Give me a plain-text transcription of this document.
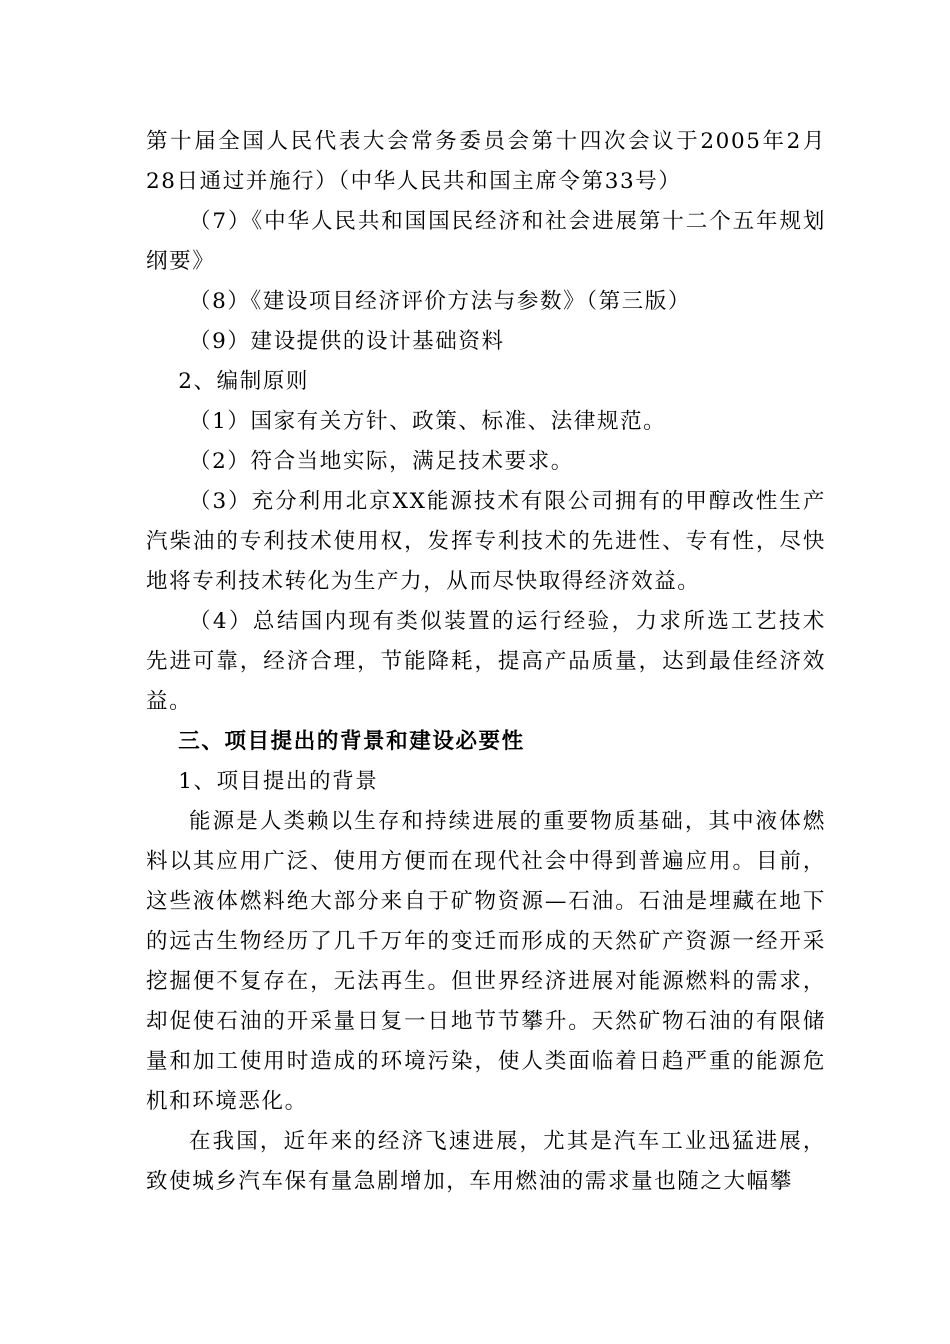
第十届全国人民代表大会常务委员会第十四次会议于2005年2月28日通过并施行）（中华人民共和国主席令第33号）

（7）《中华人民共和国国民经济和社会进展第十二个五年规划纲要》

（8）《建设项目经济评价方法与参数》（第三版）

（9）建设提供的设计基础资料

2、编制原则

（1）国家有关方针、政策、标准、法律规范。

（2）符合当地实际，满足技术要求。

（3）充分利用北京XX能源技术有限公司拥有的甲醇改性生产汽柴油的专利技术使用权，发挥专利技术的先进性、专有性，尽快地将专利技术转化为生产力，从而尽快取得经济效益。

（4）总结国内现有类似装置的运行经验，力求所选工艺技术先进可靠，经济合理，节能降耗，提高产品质量，达到最佳经济效益。

三、项目提出的背景和建设必要性

1、项目提出的背景

能源是人类赖以生存和持续进展的重要物质基础，其中液体燃料以其应用广泛、使用方便而在现代社会中得到普遍应用。目前，这些液体燃料绝大部分来自于矿物资源—石油。石油是埋藏在地下的远古生物经历了几千万年的变迁而形成的天然矿产资源一经开采挖掘便不复存在，无法再生。但世界经济进展对能源燃料的需求，却促使石油的开采量日复一日地节节攀升。天然矿物石油的有限储量和加工使用时造成的环境污染，使人类面临着日趋严重的能源危机和环境恶化。

在我国，近年来的经济飞速进展，尤其是汽车工业迅猛进展，致使城乡汽车保有量急剧增加，车用燃油的需求量也随之大幅攀
